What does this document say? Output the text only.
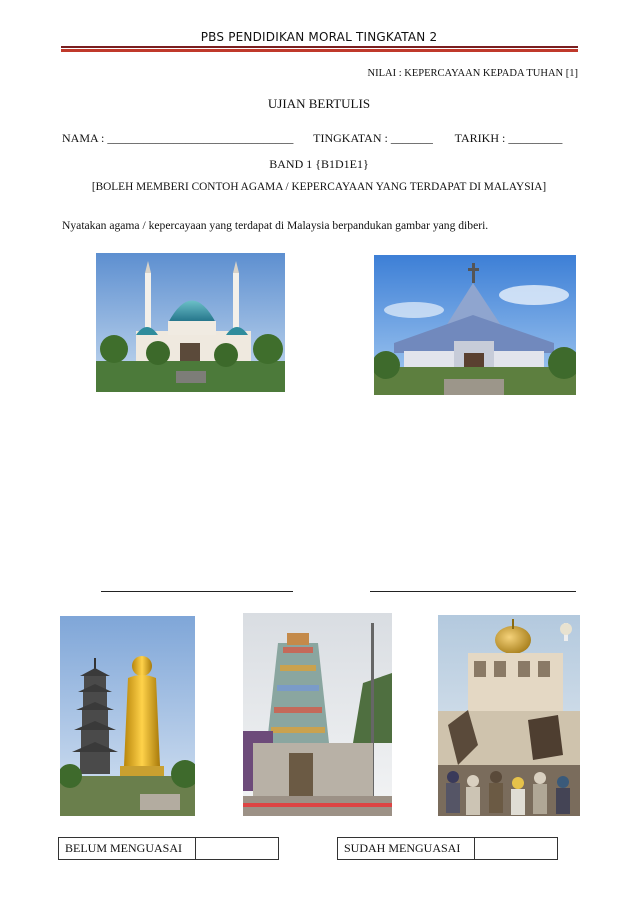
PBS PENDIDIKAN MORAL TINGKATAN 2
NILAI : KEPERCAYAAN KEPADA TUHAN [1]
UJIAN BERTULIS
NAMA : _______________________________ TINGKATAN : _______ TARIKH : _________
BAND 1 {B1D1E1}
[BOLEH MEMBERI CONTOH AGAMA / KEPERCAYAAN YANG TERDAPAT DI MALAYSIA]
Nyatakan agama / kepercayaan yang terdapat di Malaysia berpandukan gambar yang diberi.
BELUM MENGUASAI		SUDAH MENGUASAI	
